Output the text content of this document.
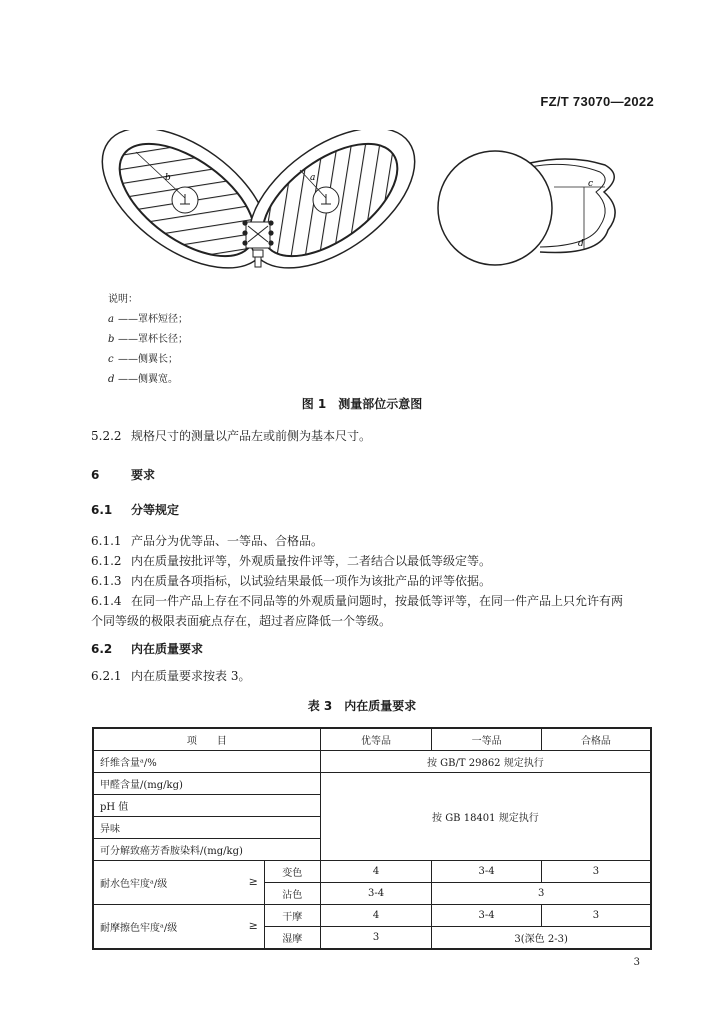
FZ/T 73070—2022
b	a
c
d
说明：
a ——罩杯短径；
b ——罩杯长径；
c ——侧翼长；
d ——侧翼宽。
图 1　测量部位示意图
5.2.2 规格尺寸的测量以产品左或前侧为基本尺寸。
6	要求
6.1 分等规定
6.1.1 产品分为优等品、一等品、合格品。
6.1.2 内在质量按批评等，外观质量按件评等，二者结合以最低等级定等。
6.1.3 内在质量各项指标，以试验结果最低一项作为该批产品的评等依据。
6.1.4 在同一件产品上存在不同品等的外观质量问题时，按最低等评等，在同一件产品上只允许有两
个同等级的极限表面疵点存在，超过者应降低一个等级。
6.2 内在质量要求
6.2.1 内在质量要求按表 3。
表 3　内在质量要求
项　　目		优等品	一等品	合格品
纤维含量ᵃ/%		按 GB/T 29862 规定执行		
甲醛含量/(mg/kg)		按 GB 18401 规定执行		
pH 值				
异味				
可分解致癌芳香胺染料/(mg/kg)				
耐水色牢度ᵃ/级 ≥	变色	4	3-4	3
	沾色	3-4	3	
耐摩擦色牢度ᵃ/级 ≥	干摩	4	3-4	3
	湿摩	3	3(深色 2-3)	
3
